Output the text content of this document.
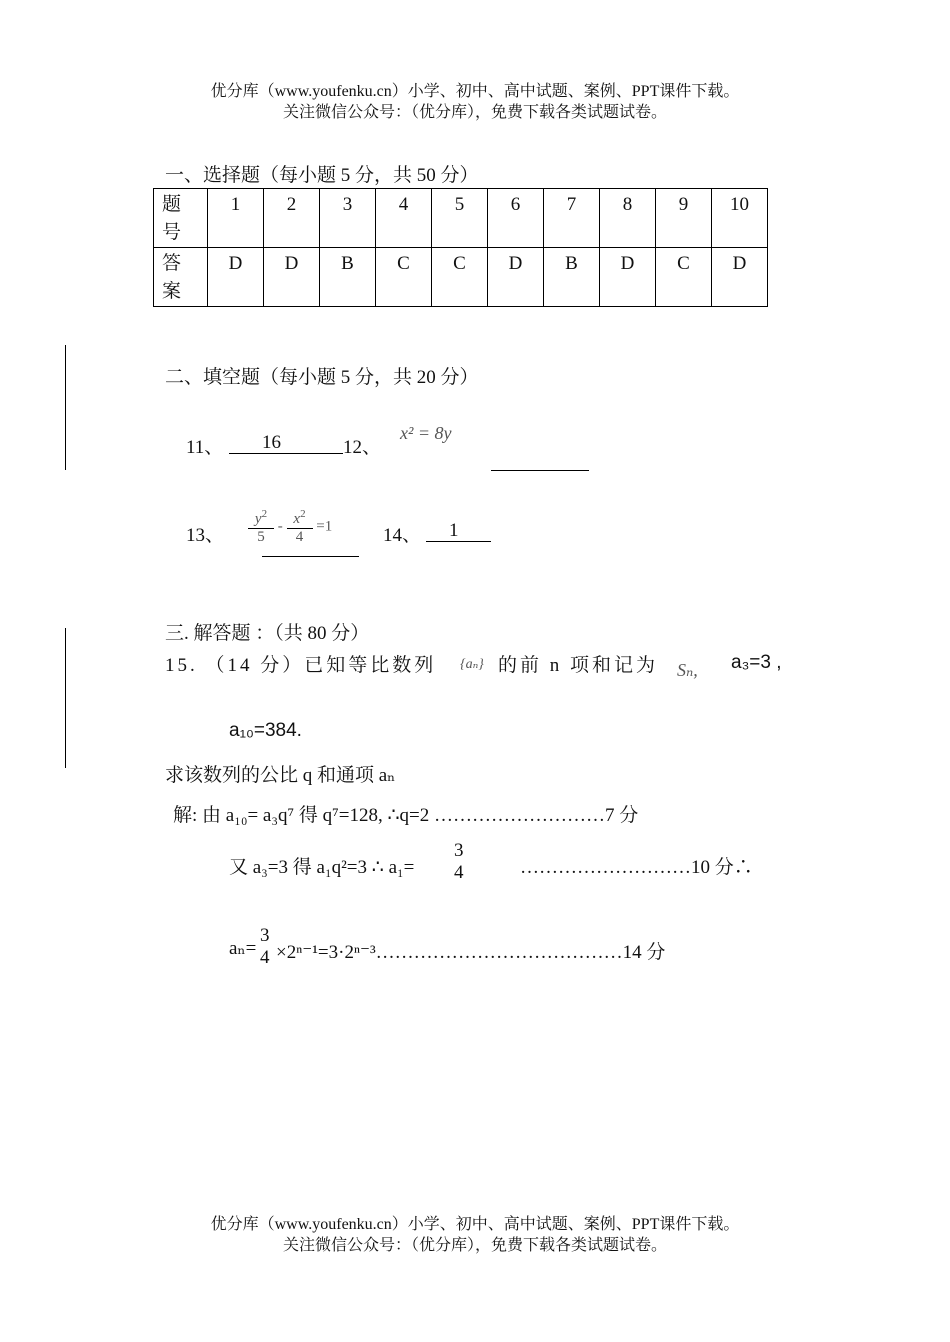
优分库（www.youfenku.cn）小学、初中、高中试题、案例、PPT课件下载。
关注微信公众号：（优分库），免费下载各类试题试卷。
一、选择题（每小题 5 分，共 50 分）
题
号	1	2	3	4	5	6	7	8	9	10

答
案	D	D	B	C	C	D	B	D	C	D
二、填空题（每小题 5 分，共 20 分）
11、 16	12、
x² = 8y
13、 $\frac{y^2}{5} - \frac{x^2}{4} =1$	14、 1
三. 解答题 ：（共 80 分）
15. （14 分）已知等比数列 {aₙ} 的前 n 项和记为 Sₙ, a₃=3 ,
a₁₀=384.
求该数列的公比 q 和通项 aₙ
解: 由 a₁₀= a₃q⁷ 得 q⁷=128, ∴q=2 ………………………7 分
又 a₃=3 得 a₁q²=3 ∴ a₁=
3
4	………………………10 分∴
aₙ=
3
4 ×2ⁿ⁻¹=3·2ⁿ⁻³…………………………………14 分
优分库（www.youfenku.cn）小学、初中、高中试题、案例、PPT课件下载。
关注微信公众号：（优分库），免费下载各类试题试卷。
